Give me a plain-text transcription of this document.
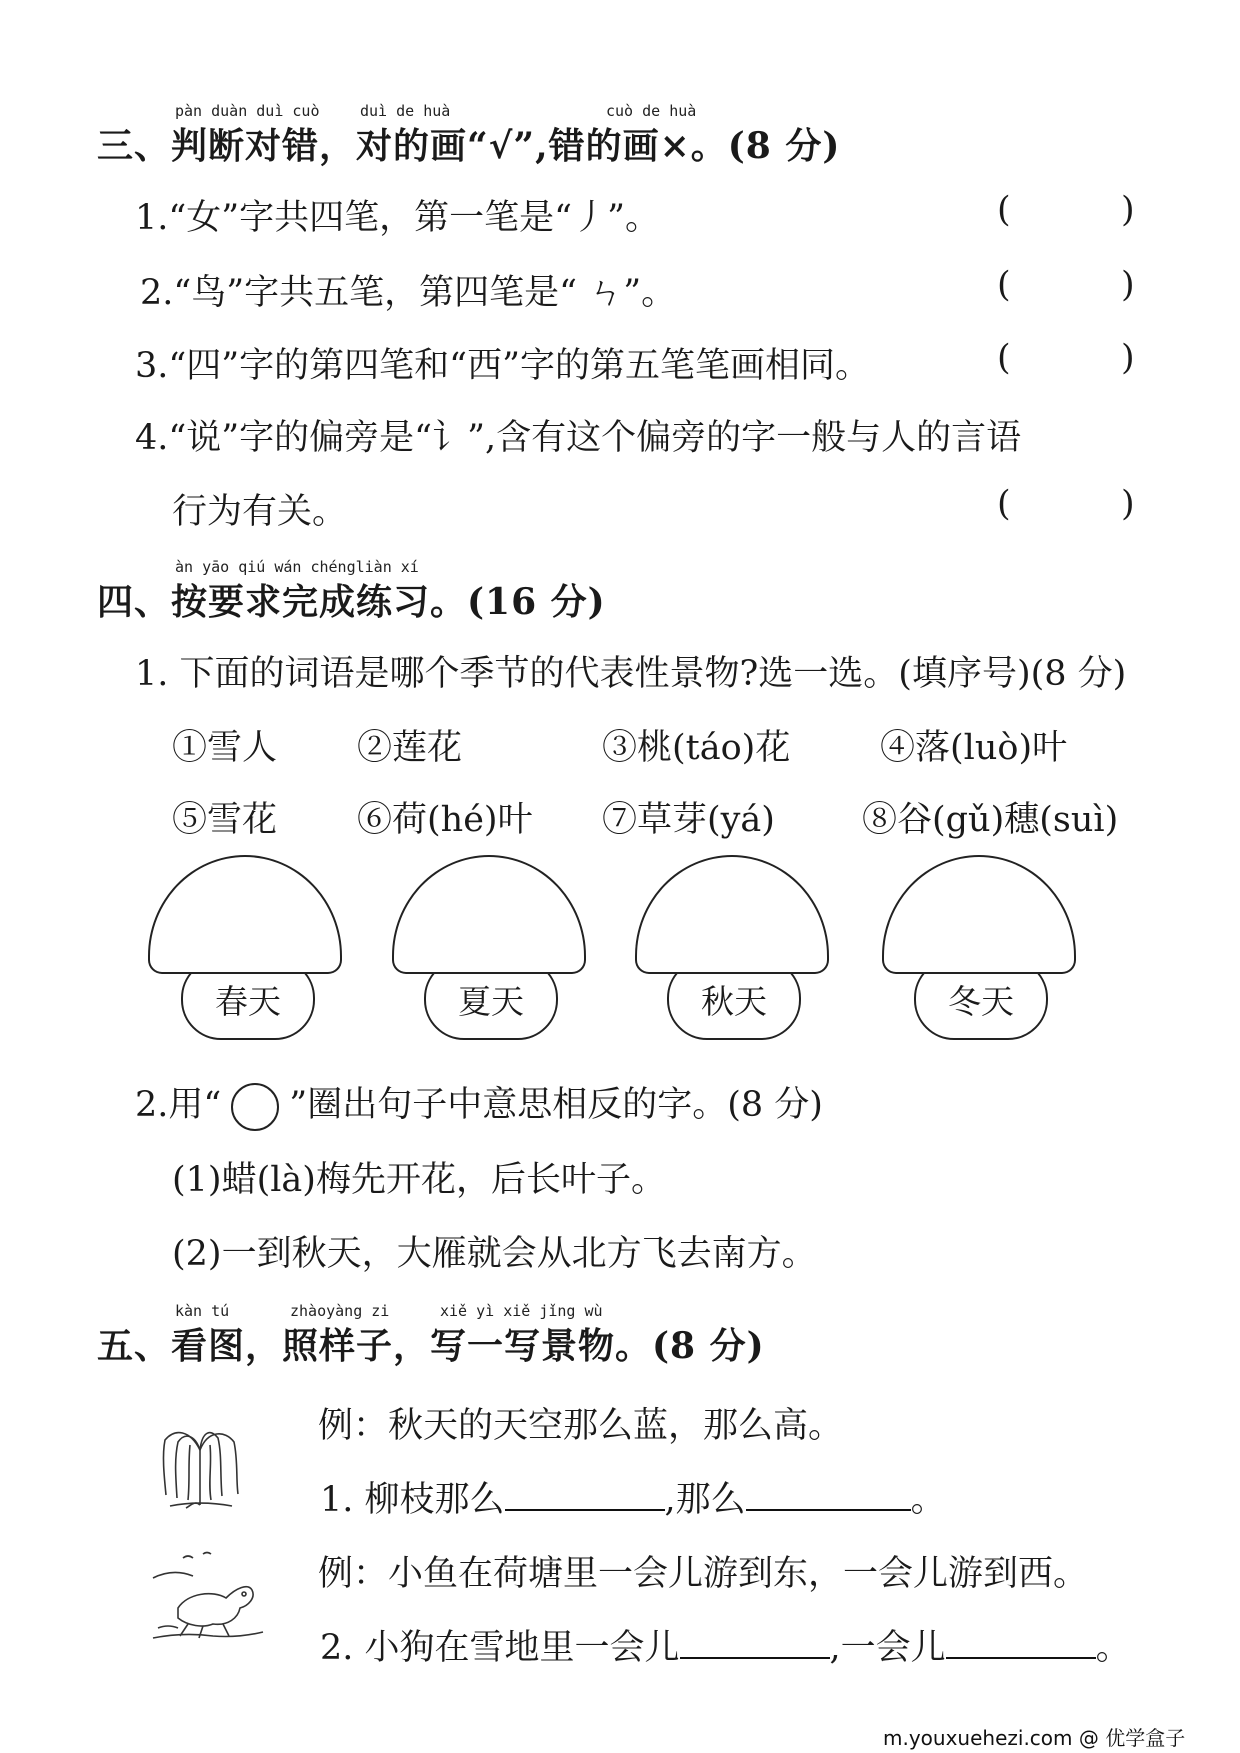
pàn duàn duì cuò	duì de huà	cuò de huà
三、判断对错，对的画“√”,错的画×。(8 分)
1.“女”字共四笔，第一笔是“丿”。
2.“鸟”字共五笔，第四笔是“ ㄣ”。
3.“四”字的第四笔和“西”字的第五笔笔画相同。
4.“说”字的偏旁是“讠”,含有这个偏旁的字一般与人的言语
行为有关。
(	)
(	)
(	)
(	)
àn yāo qiú wán chéngliàn xí
四、按要求完成练习。(16 分)
1. 下面的词语是哪个季节的代表性景物?选一选。(填序号)(8 分)
①雪人 ②莲花	③桃(táo)花	④落(luò)叶
⑤雪花 ⑥荷(hé)叶 ⑦草芽(yá) ⑧谷(gǔ)穗(suì)
春天	夏天	秋天	冬天
2.用“ ”圈出句子中意思相反的字。(8 分)
(1)蜡(là)梅先开花，后长叶子。
(2)一到秋天，大雁就会从北方飞去南方。
kàn tú	zhàoyàng zi	xiě yì xiě jǐng wù
五、看图，照样子，写一写景物。(8 分)
例：秋天的天空那么蓝，那么高。
1. 柳枝那么	,那么	。
例：小鱼在荷塘里一会儿游到东，一会儿游到西。
2. 小狗在雪地里一会儿	,一会儿	。
m.youxuehezi.com @ 优学盒子
